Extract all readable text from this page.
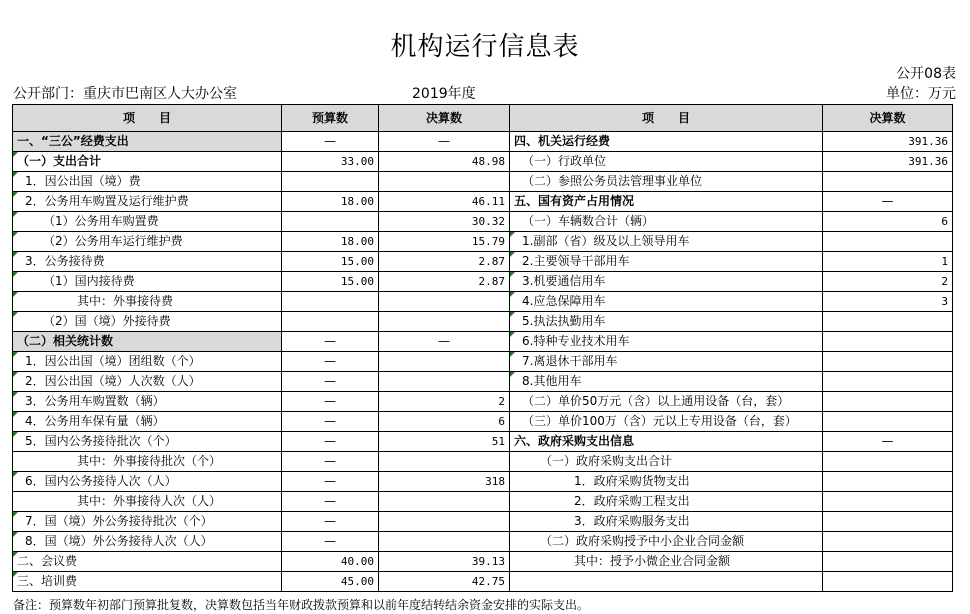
机构运行信息表
公开08表
公开部门：重庆市巴南区人大办公室	2019年度	单位：万元
项　　目	预算数	决算数	项　　目	决算数
一、“三公”经费支出	—	—	四、机关运行经费	391.36
（一）支出合计	33.00	48.98	（一）行政单位	391.36
1．因公出国（境）费			（二）参照公务员法管理事业单位	
2．公务用车购置及运行维护费	18.00	46.11	五、国有资产占用情况	—
（1）公务用车购置费		30.32	（一）车辆数合计（辆）	6
（2）公务用车运行维护费	18.00	15.79	1.副部（省）级及以上领导用车	
3．公务接待费	15.00	2.87	2.主要领导干部用车	1
（1）国内接待费	15.00	2.87	3.机要通信用车	2
其中：外事接待费			4.应急保障用车	3
（2）国（境）外接待费			5.执法执勤用车	
（二）相关统计数	—	—	6.特种专业技术用车	
1．因公出国（境）团组数（个）	—		7.离退休干部用车	
2．因公出国（境）人次数（人）	—		8.其他用车	
3．公务用车购置数（辆）	—	2	（二）单价50万元（含）以上通用设备（台，套）	
4．公务用车保有量（辆）	—	6	（三）单价100万（含）元以上专用设备（台，套）	
5．国内公务接待批次（个）	—	51	六、政府采购支出信息	—
其中：外事接待批次（个）	—		（一）政府采购支出合计	
6．国内公务接待人次（人）	—	318	1．政府采购货物支出	
其中：外事接待人次（人）	—		2．政府采购工程支出	
7．国（境）外公务接待批次（个）	—		3．政府采购服务支出	
8．国（境）外公务接待人次（人）	—		（二）政府采购授予中小企业合同金额	
二、会议费	40.00	39.13	其中：授予小微企业合同金额	
三、培训费	45.00	42.75		
备注：预算数年初部门预算批复数，决算数包括当年财政拨款预算和以前年度结转结余资金安排的实际支出。
